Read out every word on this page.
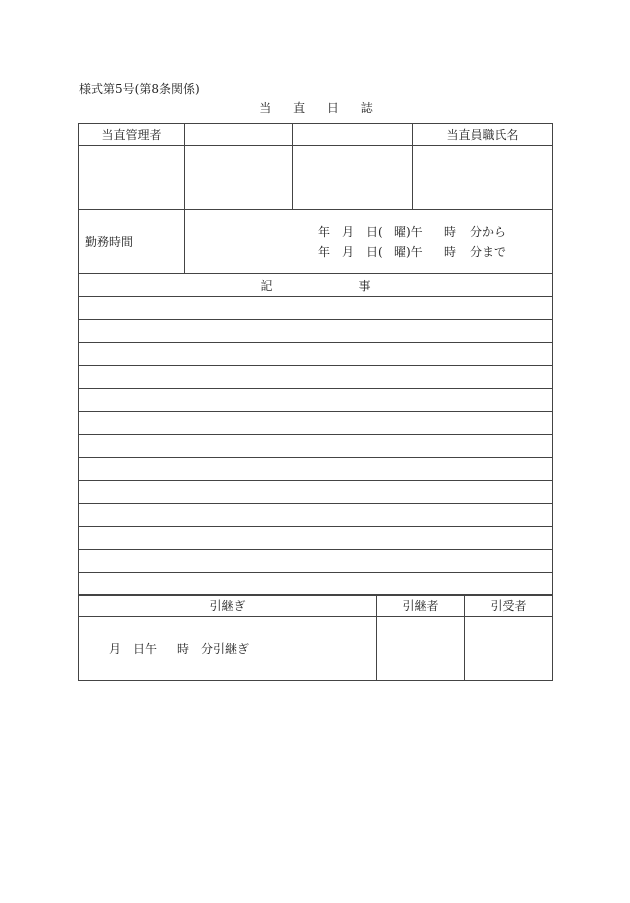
様式第5号(第8条関係)
当 直 日 誌
当直管理者			当直員職氏名

勤務時間	年 月 日( 曜)午 時 分から
年 月 日( 曜)午 時 分まで		

記 事			

引継ぎ	引継者	引受者

月 日午 時 分引継ぎ		
